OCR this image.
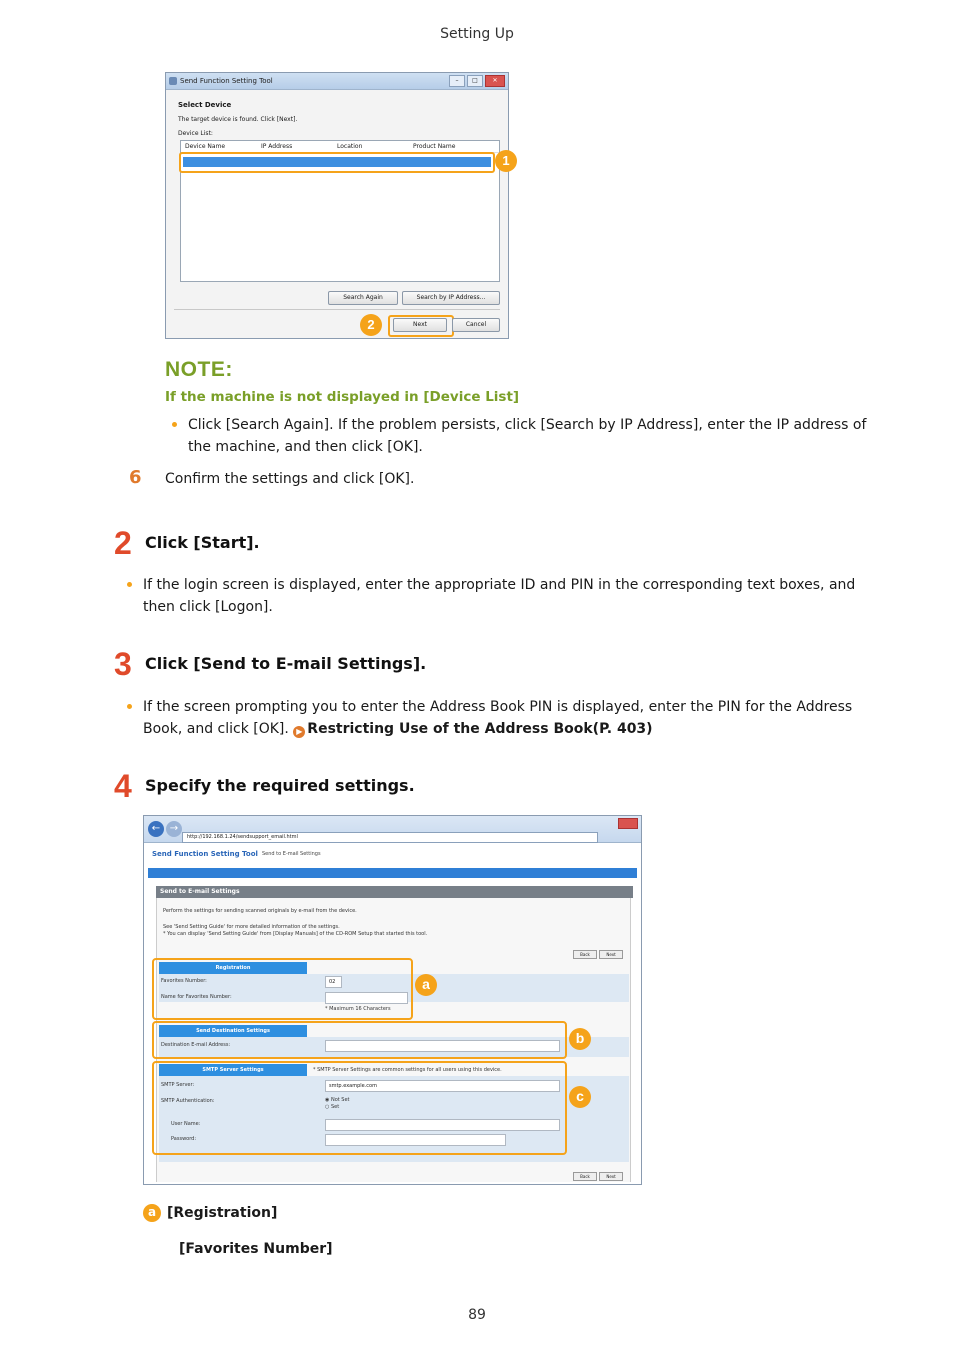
Setting Up
Send Function Setting Tool	–	□	✕
Select Device
The target device is found. Click [Next].
Device List:
Device Name	IP Address	Location	Product Name
1
Search Again	Search by IP Address...
2	Next	Cancel
NOTE:
If the machine is not displayed in [Device List]
Click [Search Again]. If the problem persists, click [Search by IP Address], enter the IP address of the machine, and then click [OK].
6 Confirm the settings and click [OK].
2 Click [Start].
If the login screen is displayed, enter the appropriate ID and PIN in the corresponding text boxes, and then click [Logon].
3 Click [Send to E-mail Settings].
If the screen prompting you to enter the Address Book PIN is displayed, enter the PIN for the Address Book, and click [OK]. ▶ Restricting Use of the Address Book(P. 403)
4 Specify the required settings.
← →
http://192.168.1.24/sendsupport_email.html
Send Function Setting Tool Send to E-mail Settings
Send to E-mail Settings
Perform the settings for sending scanned originals by e-mail from the device.
See 'Send Setting Guide' for more detailed information of the settings.
* You can display 'Send Setting Guide' from [Display Manuals] of the CD-ROM Setup that started this tool.
Back	Next
Registration
Favorites Number:	02
Name for Favorites Number:
* Maximum 16 Characters
Send Destination Settings
Destination E-mail Address:
SMTP Server Settings	* SMTP Server Settings are common settings for all users using this device.
SMTP Server:	smtp.example.com
SMTP Authentication:	◉ Not Set
○ Set
User Name:
Password:
Back	Next
a
b
c
a [Registration]
[Favorites Number]
89
